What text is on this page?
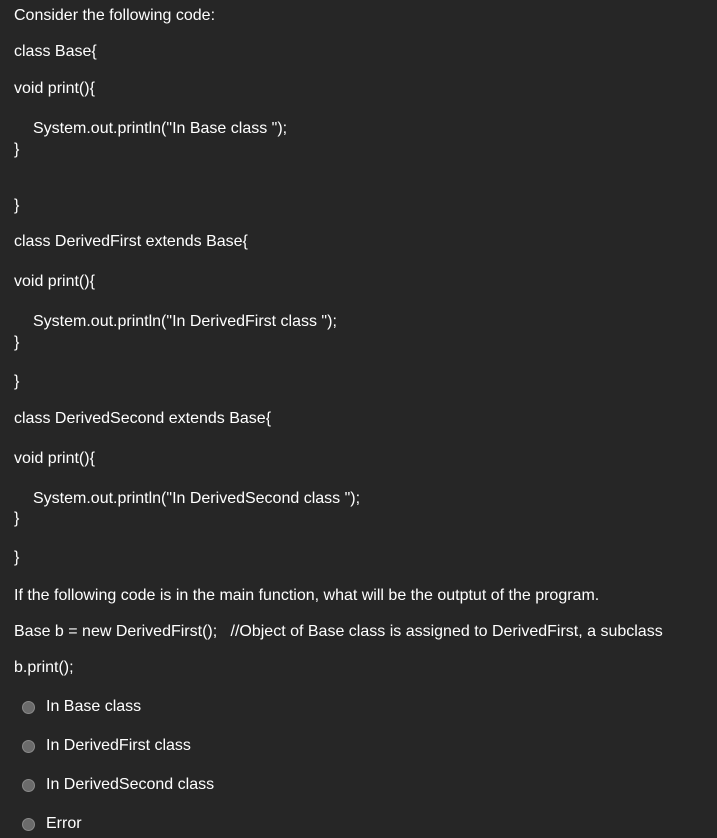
Consider the following code:
class Base{
void print(){
System.out.println("In Base class ");
}
}
class DerivedFirst extends Base{
void print(){
System.out.println("In DerivedFirst class ");
}
}
class DerivedSecond extends Base{
void print(){
System.out.println("In DerivedSecond class ");
}
}
If the following code is in the main function, what will be the outptut of the program.
Base b = new DerivedFirst();   //Object of Base class is assigned to DerivedFirst, a subclass
b.print();
In Base class
In DerivedFirst class
In DerivedSecond class
Error
